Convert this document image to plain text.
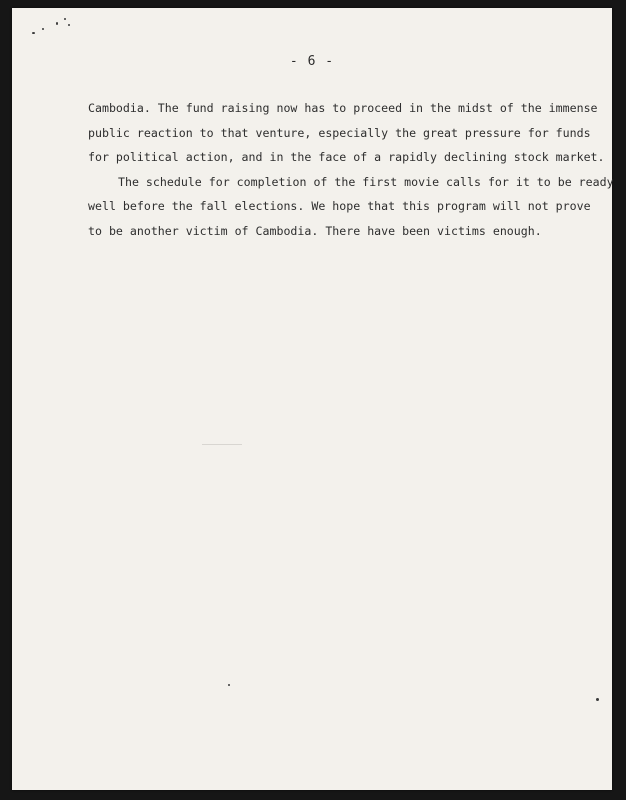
- 6 -

Cambodia. The fund raising now has to proceed in the midst of the immense
public reaction to that venture, especially the great pressure for funds
for political action, and in the face of a rapidly declining stock market.

The schedule for completion of the first movie calls for it to be ready
well before the fall elections. We hope that this program will not prove
to be another victim of Cambodia. There have been victims enough.
